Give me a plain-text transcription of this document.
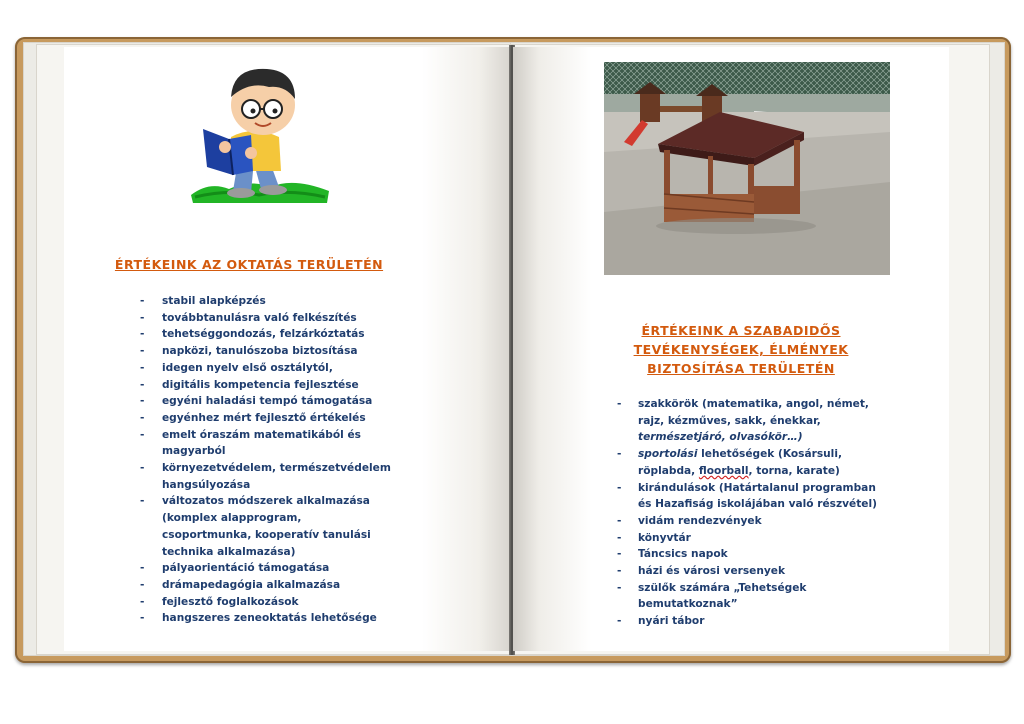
ÉRTÉKEINK AZ OKTATÁS TERÜLETÉN
- stabil alapképzés
- továbbtanulásra való felkészítés
- tehetséggondozás, felzárkóztatás
- napközi, tanulószoba biztosítása
- idegen nyelv első osztálytól,
- digitális kompetencia fejlesztése
- egyéni haladási tempó támogatása
- egyénhez mért fejlesztő értékelés
- emelt óraszám matematikából és magyarból
- környezetvédelem, természetvédelem hangsúlyozása
- változatos módszerek alkalmazása (komplex alapprogram, csoportmunka, kooperatív tanulási technika alkalmazása)
- pályaorientáció támogatása
- drámapedagógia alkalmazása
- fejlesztő foglalkozások
- hangszeres zeneoktatás lehetősége
ÉRTÉKEINK A SZABADIDŐS TEVÉKENYSÉGEK, ÉLMÉNYEK BIZTOSÍTÁSA TERÜLETÉN
- szakkörök (matematika, angol, német, rajz, kézműves, sakk, énekkar, természetjáró, olvasókör…)
- sportolási lehetőségek (Kosársuli, röplabda, floorball, torna, karate)
- kirándulások (Határtalanul programban és Hazafiság iskolájában való részvétel)
- vidám rendezvények
- könyvtár
- Táncsics napok
- házi és városi versenyek
- szülők számára „Tehetségek bemutatkoznak”
- nyári tábor
